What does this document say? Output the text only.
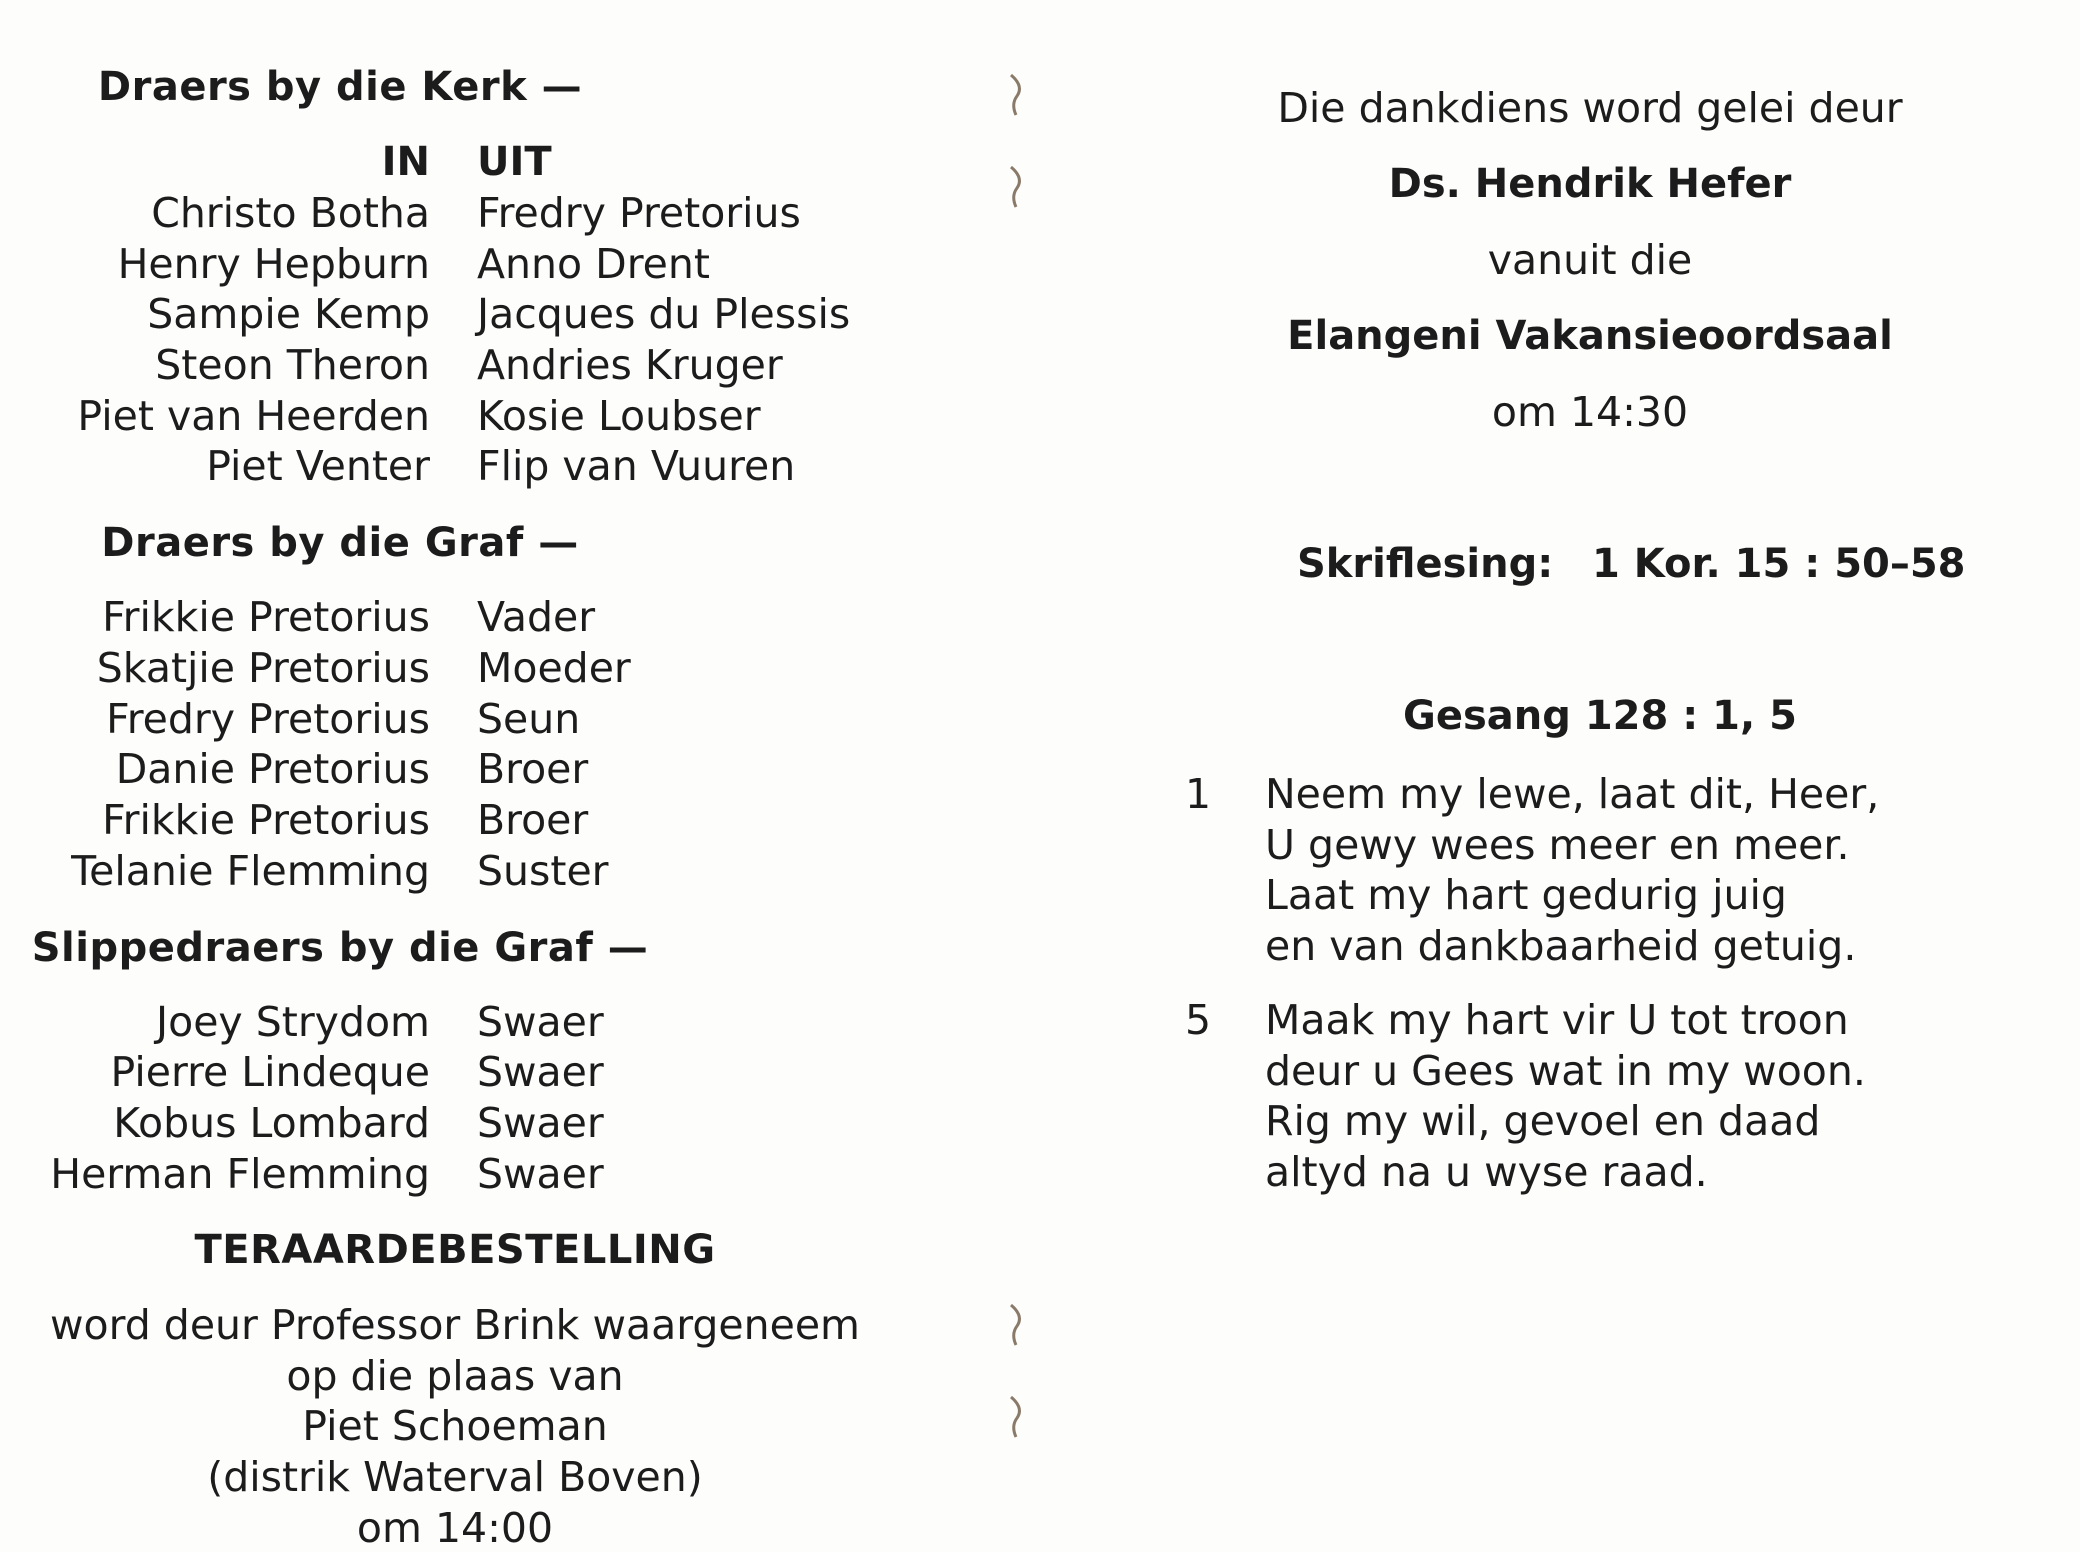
Draers by die Kerk —
IN UIT
Christo Botha Fredry Pretorius
Henry Hepburn Anno Drent
Sampie Kemp Jacques du Plessis
Steon Theron Andries Kruger
Piet van Heerden Kosie Loubser
Piet Venter Flip van Vuuren
Draers by die Graf —
Frikkie Pretorius Vader
Skatjie Pretorius Moeder
Fredry Pretorius Seun
Danie Pretorius Broer
Frikkie Pretorius Broer
Telanie Flemming Suster
Slippedraers by die Graf —
Joey Strydom Swaer
Pierre Lindeque Swaer
Kobus Lombard Swaer
Herman Flemming Swaer
TERAARDEBESTELLING
word deur Professor Brink waargeneem
op die plaas van
Piet Schoeman
(distrik Waterval Boven)
om 14:00
Die dankdiens word gelei deur
Ds. Hendrik Hefer
vanuit die
Elangeni Vakansieoordsaal
om 14:30
Skriflesing: 1 Kor. 15 : 50–58
Gesang 128 : 1, 5
1 Neem my lewe, laat dit, Heer,
U gewy wees meer en meer.
Laat my hart gedurig juig
en van dankbaarheid getuig.
5 Maak my hart vir U tot troon
deur u Gees wat in my woon.
Rig my wil, gevoel en daad
altyd na u wyse raad.
